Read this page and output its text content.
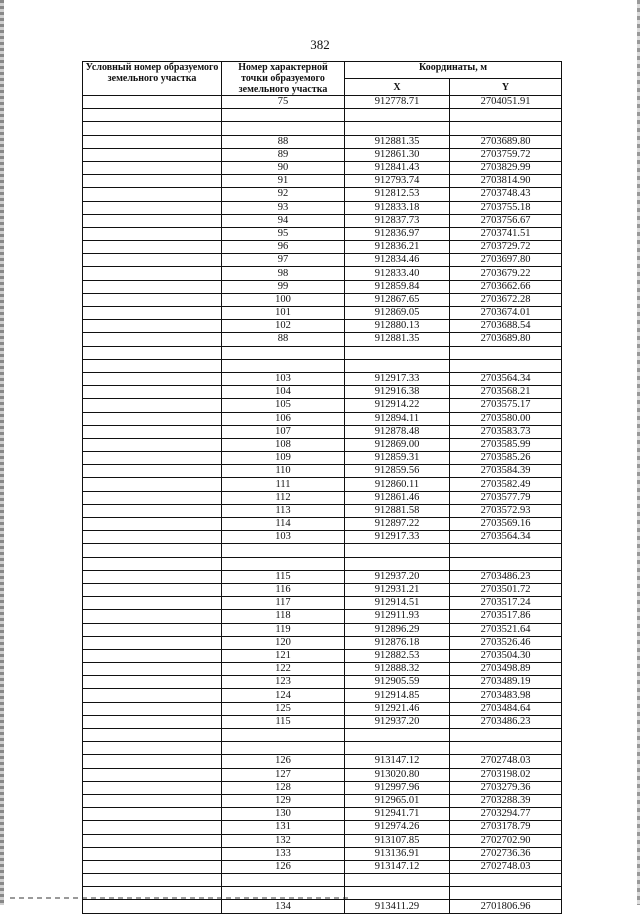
382
Условный номер образуемого земельного участка	Номер характерной точки образуемого земельного участка	Координаты, м	
		X	Y
	75	912778.71	2704051.91

	88	912881.35	2703689.80
	89	912861.30	2703759.72
	90	912841.43	2703829.99
	91	912793.74	2703814.90
	92	912812.53	2703748.43
	93	912833.18	2703755.18
	94	912837.73	2703756.67
	95	912836.97	2703741.51
	96	912836.21	2703729.72
	97	912834.46	2703697.80
	98	912833.40	2703679.22
	99	912859.84	2703662.66
	100	912867.65	2703672.28
	101	912869.05	2703674.01
	102	912880.13	2703688.54
	88	912881.35	2703689.80

	103	912917.33	2703564.34
	104	912916.38	2703568.21
	105	912914.22	2703575.17
	106	912894.11	2703580.00
	107	912878.48	2703583.73
	108	912869.00	2703585.99
	109	912859.31	2703585.26
	110	912859.56	2703584.39
	111	912860.11	2703582.49
	112	912861.46	2703577.79
	113	912881.58	2703572.93
	114	912897.22	2703569.16
	103	912917.33	2703564.34

	115	912937.20	2703486.23
	116	912931.21	2703501.72
	117	912914.51	2703517.24
	118	912911.93	2703517.86
	119	912896.29	2703521.64
	120	912876.18	2703526.46
	121	912882.53	2703504.30
	122	912888.32	2703498.89
	123	912905.59	2703489.19
	124	912914.85	2703483.98
	125	912921.46	2703484.64
	115	912937.20	2703486.23

	126	913147.12	2702748.03
	127	913020.80	2703198.02
	128	912997.96	2703279.36
	129	912965.01	2703288.39
	130	912941.71	2703294.77
	131	912974.26	2703178.79
	132	913107.85	2702702.90
	133	913136.91	2702736.36
	126	913147.12	2702748.03

	134	913411.29	2701806.96
